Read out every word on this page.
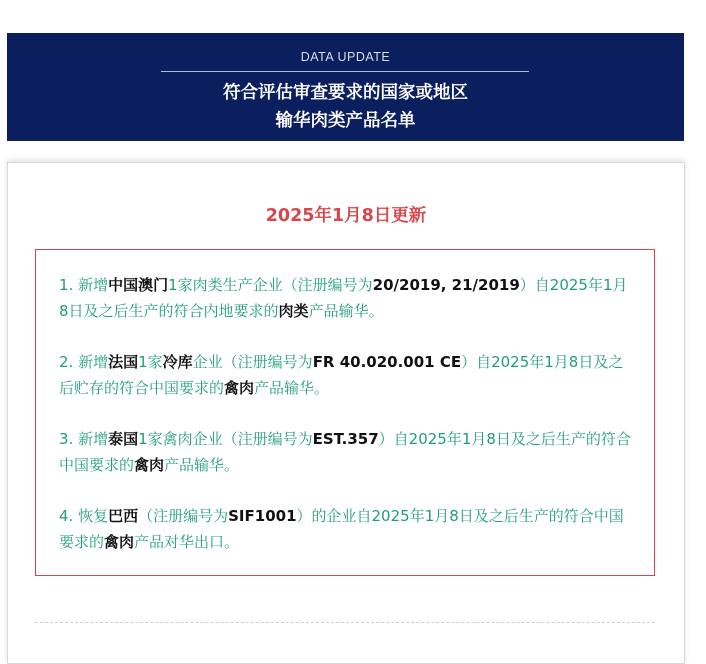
DATA UPDATE
符合评估审查要求的国家或地区
输华肉类产品名单
2025年1月8日更新
1. 新增中国澳门1家肉类生产企业（注册编号为20/2019, 21/2019）自2025年1月8日及之后生产的符合内地要求的肉类产品输华。
2. 新增法国1家冷库企业（注册编号为FR 40.020.001 CE）自2025年1月8日及之后贮存的符合中国要求的禽肉产品输华。
3. 新增泰国1家禽肉企业（注册编号为EST.357）自2025年1月8日及之后生产的符合中国要求的禽肉产品输华。
4. 恢复巴西（注册编号为SIF1001）的企业自2025年1月8日及之后生产的符合中国要求的禽肉产品对华出口。
